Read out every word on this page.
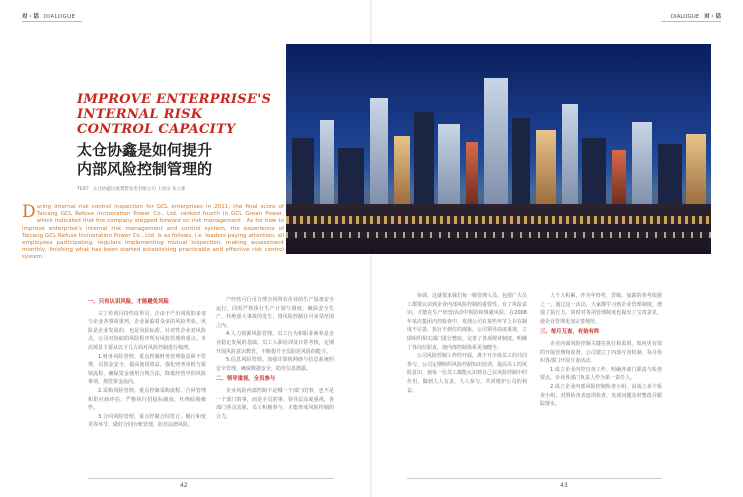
对 · 话 DIALOGUE
IMPROVE ENTERPRISE'S INTERNAL RISK CONTROL CAPACITY
太仓协鑫是如何提升
内部风险控制管理的
TEXT：太仓协鑫垃圾焚烧发电有限公司 王冰洁 朱立新
D uring internal risk control inspection for GCL enterprises in 2011, the final score of Taicang GCL Refuse Incineration Power Co., Ltd. ranked fourth in GCL Green Power, which indicated that the company stepped forward on risk management . As for how to improve enterprise's internal risk management and control system, the experience of Taicang GCL Refuse Incineration Power Co., Ltd. is as follows, i.e. leaders paying attention, all employees participating, regulars implementing mutual inspection, making assessment monthly, finishing what has been started establishing practicable and effective risk control system.
一、只有认识风险，才能避免风险

古丁传项目持性改革员，正由于产出同项的多变与企业各事项重列，企业面临着众多的风险考验。风险是企业发展的，也是风险标准。针对性企业对风险点，公司对协助的风险程序所有风险管理的重点。本次场景主要从以下几方面对风险控制进行梳理。

1.财务风险管理。重点控制财务管理收益和不管费，以资金安全，提高使用效益，强化财务审批与报销流程，确保资金使用合规合法，降低经营中的风险事项，规范资金流向。

2.采购风险管理。重点控制采购流程、合同管理和供应商评估，严格执行招投标制度，杜绝暗箱操作。

3.合同风险管理。重点控制合同签订、履行和变更等环节，做好合同台账管理，防范法律风险。

产经营可行可合理合同所有企业的生产设备安全运行，同时严格执行生产计划与调度，确保安全生产，杜绝重大事故的发生，将风险控制在可承受范围之内。

4.人力资源风险管理。员工行为和职业素养是企业稳定发展的基础。员工入职培训及日常考核，定期开展风险意识教育，不断提升全员防范风险的能力。

5.信息风险管理。加强计算机网络与信息系统的安全管理，确保数据安全，防范信息泄露。

二、领导重视，全员参与

企业风险内部控制不是哪一个部门的事，也不是一个部门的事，而是全员的事。领导层高度重视，各部门各司其职，员工积极参与，才能形成风险控制的合力。

42
DIALOGUE 对 · 话

协调，这就要求我们每一级管理人员，包括广大员工都要认识到企业内部风险控制的重要性。有了风险意识，才能在生产经营活动中预防和规避风险。在2008年某次集团内控检查中，发现公司在某些环节上存在制度不完善、执行不到位的现象，公司领导高度重视，立即组织相关部门进行整改，完善了各项规章制度，明确了各岗位职责，使内部控制体系更加健全。

公司风险控制工作的开展，离不开全体员工的共同参与。公司定期组织风险控制知识培训，提高员工的风险意识，使每一位员工都能认识到自己在风险控制中的作用，做到人人有责、人人参与，共同维护公司的利益。

人个人积累，作为年终奖，晋级、加薪的参考依据之一。通过这一活动，大家都学习到企业管理制度，增强了执行力，同时对各项管理制度也提出了宝贵意见，使企业管理更加完善规范。

三、每月互查，有始有终

企业内部风险控制关键在执行和监督。如何更有效的开展管理和监督，公司建立了内部互查机制，每月组织各部门开展互查活动。

1.成立企业内控自查工作，明确各部门职责与检查要点，企业各部门负责人作为第一责任人。

2.成立企业内部风险控制检查小组，由成立多个检查小组，对照检查表逐项检查，发现问题及时整改并跟踪落实。

43
